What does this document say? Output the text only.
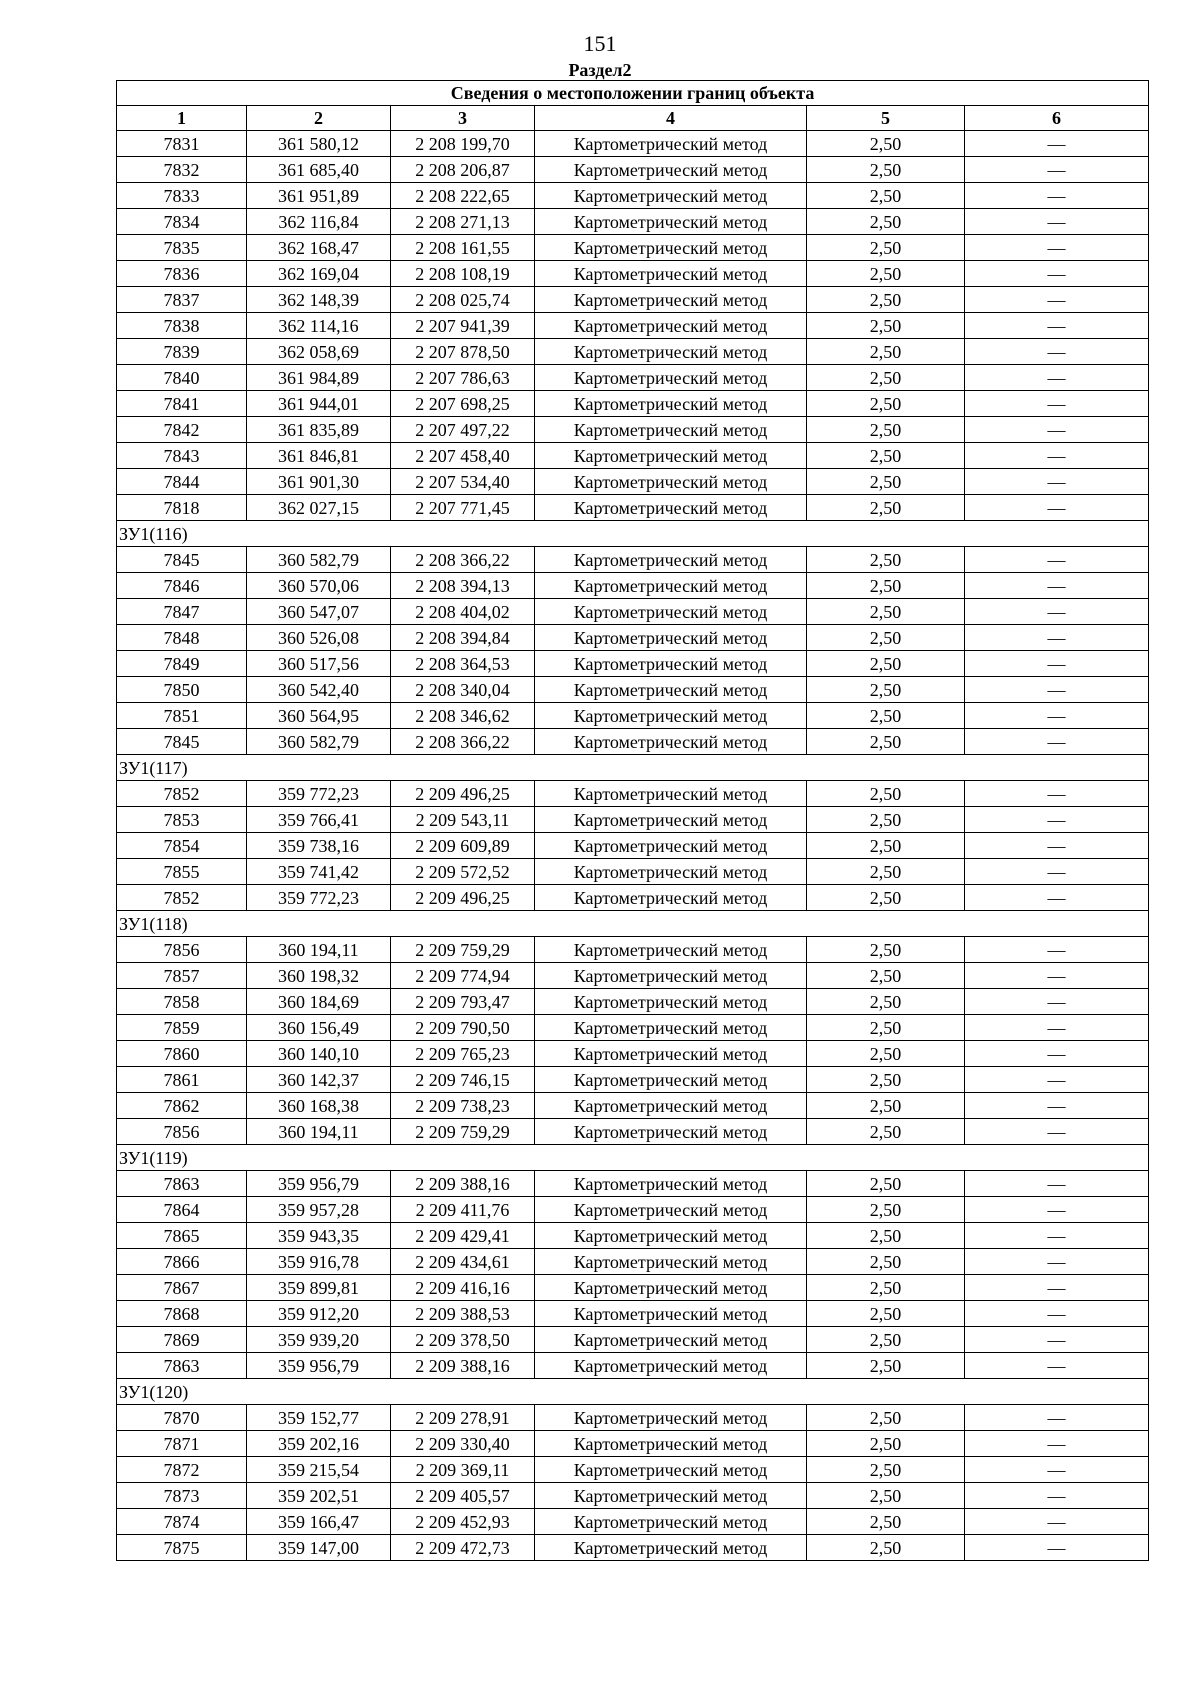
151
Раздел2
Сведения о местоположении границ объекта					
1	2	3	4	5	6
7831	361 580,12	2 208 199,70	Картометрический метод	2,50	—
7832	361 685,40	2 208 206,87	Картометрический метод	2,50	—
7833	361 951,89	2 208 222,65	Картометрический метод	2,50	—
7834	362 116,84	2 208 271,13	Картометрический метод	2,50	—
7835	362 168,47	2 208 161,55	Картометрический метод	2,50	—
7836	362 169,04	2 208 108,19	Картометрический метод	2,50	—
7837	362 148,39	2 208 025,74	Картометрический метод	2,50	—
7838	362 114,16	2 207 941,39	Картометрический метод	2,50	—
7839	362 058,69	2 207 878,50	Картометрический метод	2,50	—
7840	361 984,89	2 207 786,63	Картометрический метод	2,50	—
7841	361 944,01	2 207 698,25	Картометрический метод	2,50	—
7842	361 835,89	2 207 497,22	Картометрический метод	2,50	—
7843	361 846,81	2 207 458,40	Картометрический метод	2,50	—
7844	361 901,30	2 207 534,40	Картометрический метод	2,50	—
7818	362 027,15	2 207 771,45	Картометрический метод	2,50	—
ЗУ1(116)					
7845	360 582,79	2 208 366,22	Картометрический метод	2,50	—
7846	360 570,06	2 208 394,13	Картометрический метод	2,50	—
7847	360 547,07	2 208 404,02	Картометрический метод	2,50	—
7848	360 526,08	2 208 394,84	Картометрический метод	2,50	—
7849	360 517,56	2 208 364,53	Картометрический метод	2,50	—
7850	360 542,40	2 208 340,04	Картометрический метод	2,50	—
7851	360 564,95	2 208 346,62	Картометрический метод	2,50	—
7845	360 582,79	2 208 366,22	Картометрический метод	2,50	—
ЗУ1(117)					
7852	359 772,23	2 209 496,25	Картометрический метод	2,50	—
7853	359 766,41	2 209 543,11	Картометрический метод	2,50	—
7854	359 738,16	2 209 609,89	Картометрический метод	2,50	—
7855	359 741,42	2 209 572,52	Картометрический метод	2,50	—
7852	359 772,23	2 209 496,25	Картометрический метод	2,50	—
ЗУ1(118)					
7856	360 194,11	2 209 759,29	Картометрический метод	2,50	—
7857	360 198,32	2 209 774,94	Картометрический метод	2,50	—
7858	360 184,69	2 209 793,47	Картометрический метод	2,50	—
7859	360 156,49	2 209 790,50	Картометрический метод	2,50	—
7860	360 140,10	2 209 765,23	Картометрический метод	2,50	—
7861	360 142,37	2 209 746,15	Картометрический метод	2,50	—
7862	360 168,38	2 209 738,23	Картометрический метод	2,50	—
7856	360 194,11	2 209 759,29	Картометрический метод	2,50	—
ЗУ1(119)					
7863	359 956,79	2 209 388,16	Картометрический метод	2,50	—
7864	359 957,28	2 209 411,76	Картометрический метод	2,50	—
7865	359 943,35	2 209 429,41	Картометрический метод	2,50	—
7866	359 916,78	2 209 434,61	Картометрический метод	2,50	—
7867	359 899,81	2 209 416,16	Картометрический метод	2,50	—
7868	359 912,20	2 209 388,53	Картометрический метод	2,50	—
7869	359 939,20	2 209 378,50	Картометрический метод	2,50	—
7863	359 956,79	2 209 388,16	Картометрический метод	2,50	—
ЗУ1(120)					
7870	359 152,77	2 209 278,91	Картометрический метод	2,50	—
7871	359 202,16	2 209 330,40	Картометрический метод	2,50	—
7872	359 215,54	2 209 369,11	Картометрический метод	2,50	—
7873	359 202,51	2 209 405,57	Картометрический метод	2,50	—
7874	359 166,47	2 209 452,93	Картометрический метод	2,50	—
7875	359 147,00	2 209 472,73	Картометрический метод	2,50	—
